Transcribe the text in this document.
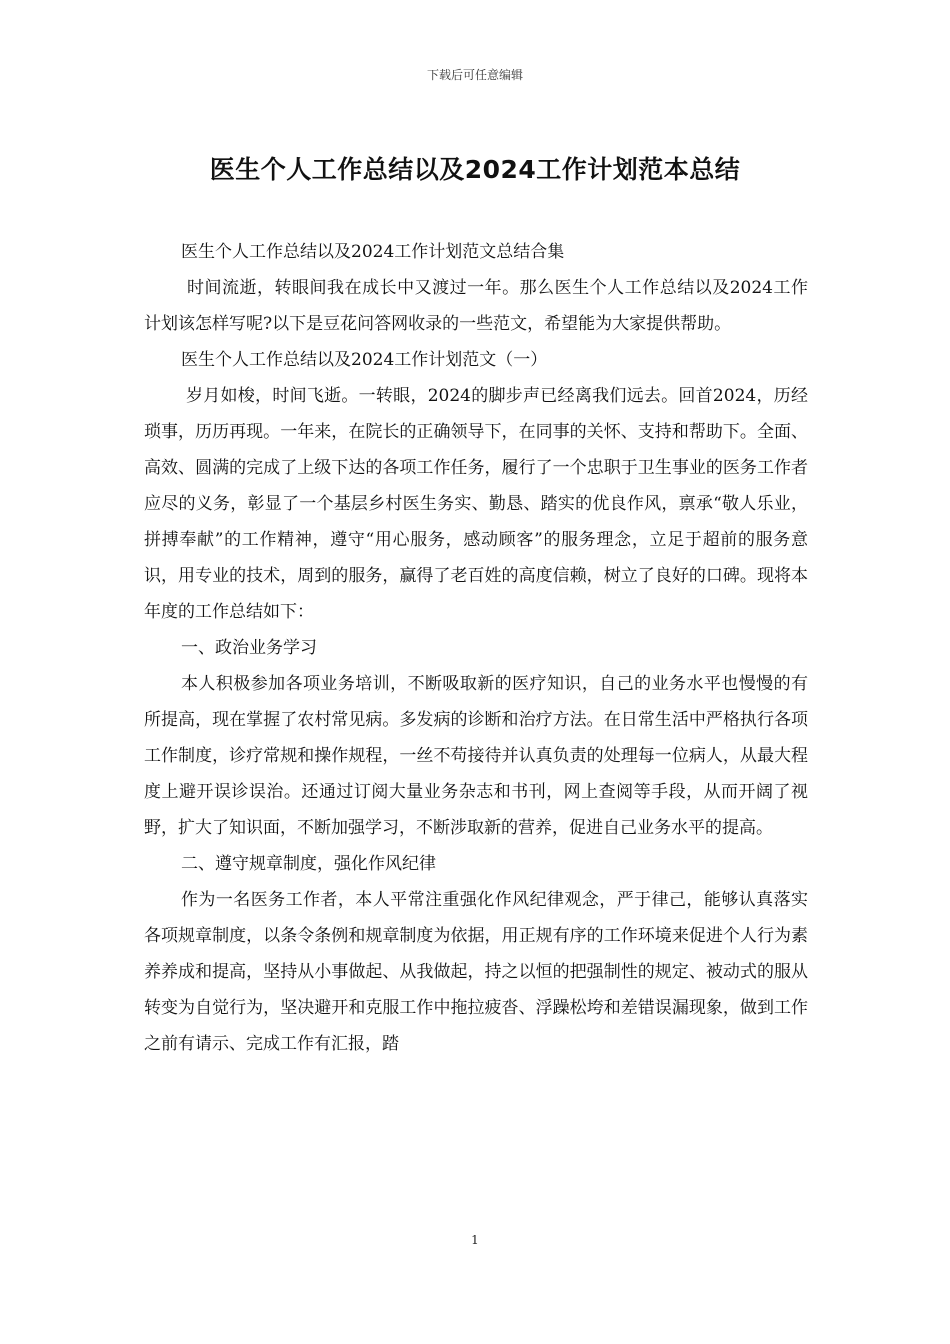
下载后可任意编辑
医生个人工作总结以及2024工作计划范本总结

医生个人工作总结以及2024工作计划范文总结合集

时间流逝，转眼间我在成长中又渡过一年。那么医生个人工作总结以及2024工作计划该怎样写呢?以下是豆花问答网收录的一些范文，希望能为大家提供帮助。

医生个人工作总结以及2024工作计划范文（一）

岁月如梭，时间飞逝。一转眼，2024的脚步声已经离我们远去。回首2024，历经琐事，历历再现。一年来，在院长的正确领导下，在同事的关怀、支持和帮助下。全面、高效、圆满的完成了上级下达的各项工作任务，履行了一个忠职于卫生事业的医务工作者应尽的义务，彰显了一个基层乡村医生务实、勤恳、踏实的优良作风，禀承“敬人乐业，拼搏奉献”的工作精神，遵守“用心服务，感动顾客”的服务理念，立足于超前的服务意识，用专业的技术，周到的服务，赢得了老百姓的高度信赖，树立了良好的口碑。现将本年度的工作总结如下：

一、政治业务学习

本人积极参加各项业务培训，不断吸取新的医疗知识，自己的业务水平也慢慢的有所提高，现在掌握了农村常见病。多发病的诊断和治疗方法。在日常生活中严格执行各项工作制度，诊疗常规和操作规程，一丝不苟接待并认真负责的处理每一位病人，从最大程度上避开误诊误治。还通过订阅大量业务杂志和书刊，网上查阅等手段，从而开阔了视野，扩大了知识面，不断加强学习，不断涉取新的营养，促进自己业务水平的提高。

二、遵守规章制度，强化作风纪律

作为一名医务工作者，本人平常注重强化作风纪律观念，严于律己，能够认真落实各项规章制度，以条令条例和规章制度为依据，用正规有序的工作环境来促进个人行为素养养成和提高，坚持从小事做起、从我做起，持之以恒的把强制性的规定、被动式的服从转变为自觉行为，坚决避开和克服工作中拖拉疲沓、浮躁松垮和差错误漏现象，做到工作之前有请示、完成工作有汇报，踏

1
